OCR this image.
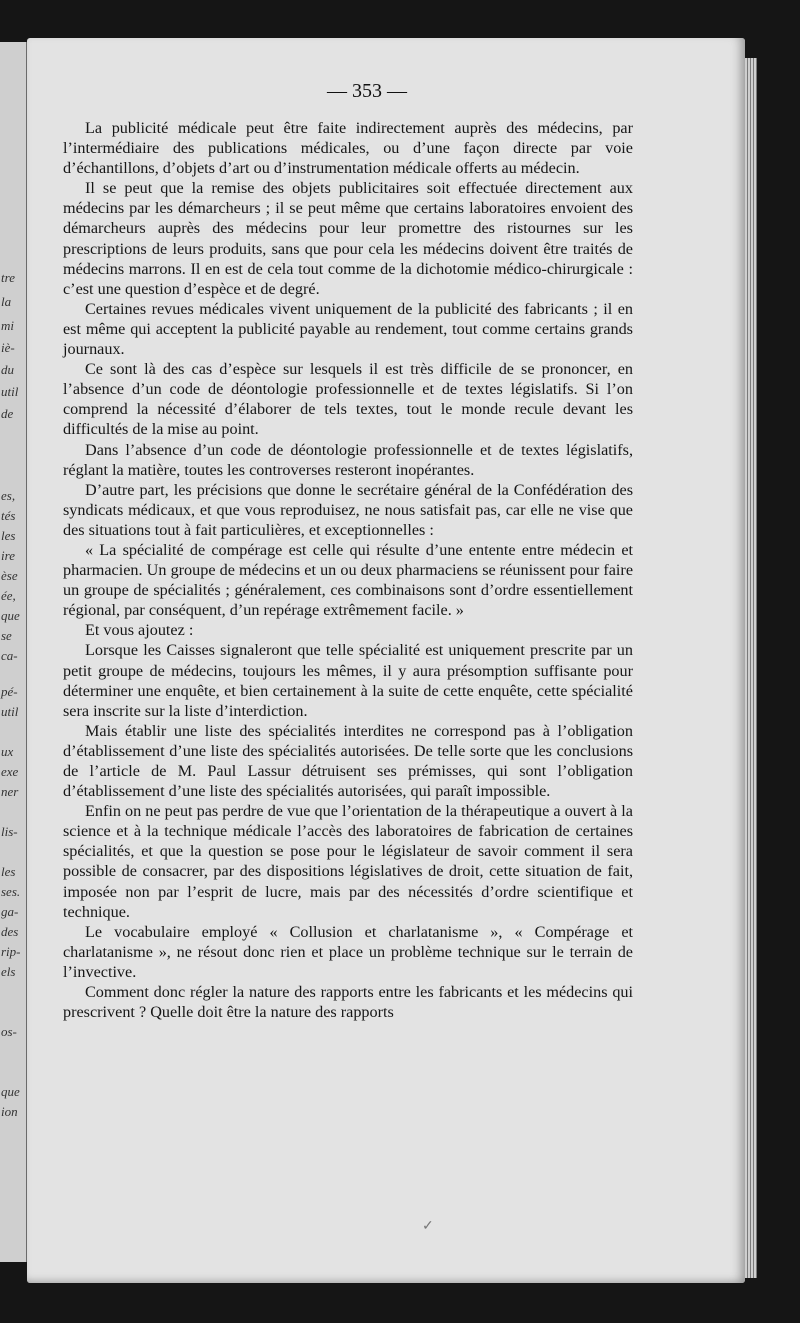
tre
la
mi
iè-
du
util
de
es,
tés
les
ire
èse
ée,
que
se
ca-
pé-
util
ux
exe
ner
lis-
les
ses.
ga-
des
rip-
els
os-
que
ion
— 353 —

La publicité médicale peut être faite indirectement auprès des médecins, par l’intermédiaire des publications médicales, ou d’une façon directe par voie d’échantillons, d’objets d’art ou d’instrumentation médicale offerts au médecin.

Il se peut que la remise des objets publicitaires soit effectuée directement aux médecins par les démarcheurs ; il se peut même que certains laboratoires envoient des démarcheurs auprès des médecins pour leur promettre des ristournes sur les prescriptions de leurs produits, sans que pour cela les médecins doivent être traités de médecins marrons. Il en est de cela tout comme de la dichotomie médico-chirurgicale : c’est une question d’espèce et de degré.

Certaines revues médicales vivent uniquement de la publicité des fabricants ; il en est même qui acceptent la publicité payable au rendement, tout comme certains grands journaux.

Ce sont là des cas d’espèce sur lesquels il est très difficile de se prononcer, en l’absence d’un code de déontologie professionnelle et de textes législatifs. Si l’on comprend la nécessité d’élaborer de tels textes, tout le monde recule devant les difficultés de la mise au point.

Dans l’absence d’un code de déontologie professionnelle et de textes législatifs, réglant la matière, toutes les controverses resteront inopérantes.

D’autre part, les précisions que donne le secrétaire général de la Confédération des syndicats médicaux, et que vous reproduisez, ne nous satisfait pas, car elle ne vise que des situations tout à fait particulières, et exceptionnelles :

« La spécialité de compérage est celle qui résulte d’une entente entre médecin et pharmacien. Un groupe de médecins et un ou deux pharmaciens se réunissent pour faire un groupe de spécialités ; généralement, ces combinaisons sont d’ordre essentiellement régional, par conséquent, d’un repérage extrêmement facile. »

Et vous ajoutez :

Lorsque les Caisses signaleront que telle spécialité est uniquement prescrite par un petit groupe de médecins, toujours les mêmes, il y aura présomption suffisante pour déterminer une enquête, et bien certainement à la suite de cette enquête, cette spécialité sera inscrite sur la liste d’interdiction.

Mais établir une liste des spécialités interdites ne correspond pas à l’obligation d’établissement d’une liste des spécialités autorisées. De telle sorte que les conclusions de l’article de M. Paul Lassur détruisent ses prémisses, qui sont l’obligation d’établissement d’une liste des spécialités autorisées, qui paraît impossible.

Enfin on ne peut pas perdre de vue que l’orientation de la thérapeutique a ouvert à la science et à la technique médicale l’accès des laboratoires de fabrication de certaines spécialités, et que la question se pose pour le législateur de savoir comment il sera possible de consacrer, par des dispositions législatives de droit, cette situation de fait, imposée non par l’esprit de lucre, mais par des nécessités d’ordre scientifique et technique.

Le vocabulaire employé « Collusion et charlatanisme », « Compérage et charlatanisme », ne résout donc rien et place un problème technique sur le terrain de l’invective.

Comment donc régler la nature des rapports entre les fabricants et les médecins qui prescrivent ? Quelle doit être la nature des rapports

✓
